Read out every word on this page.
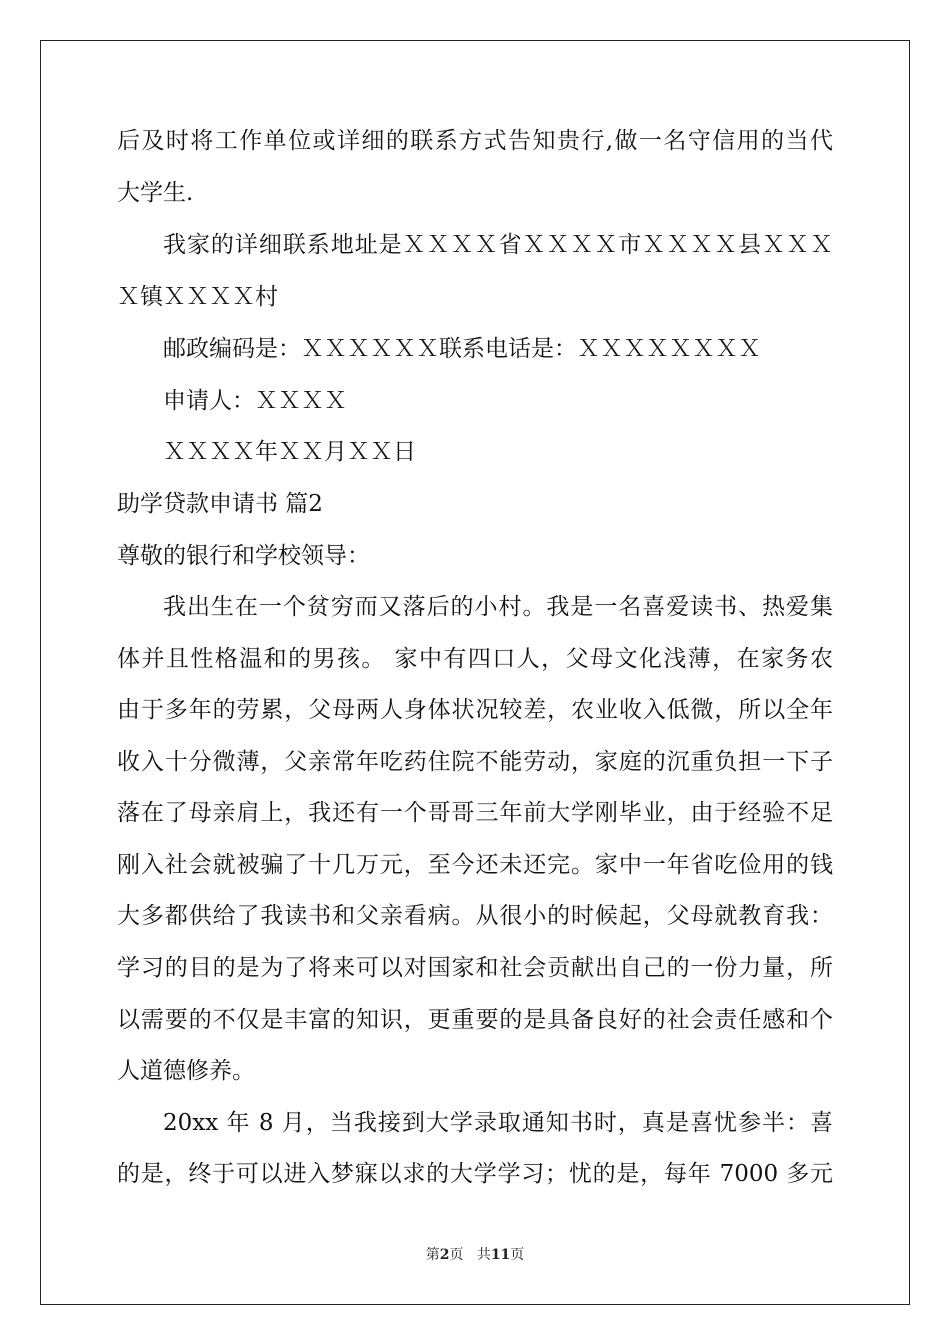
后及时将工作单位或详细的联系方式告知贵行,做一名守信用的当代
大学生.
我家的详细联系地址是ＸＸＸＸ省ＸＸＸＸ市ＸＸＸＸ县ＸＸＸ
Ｘ镇ＸＸＸＸ村
邮政编码是：ＸＸＸＸＸＸ联系电话是：ＸＸＸＸＸＸＸＸ
申请人：ＸＸＸＸ
ＸＸＸＸ年ＸＸ月ＸＸ日
助学贷款申请书 篇2
尊敬的银行和学校领导：
我出生在一个贫穷而又落后的小村。我是一名喜爱读书、热爱集
体并且性格温和的男孩。 家中有四口人，父母文化浅薄，在家务农
由于多年的劳累，父母两人身体状况较差，农业收入低微，所以全年
收入十分微薄，父亲常年吃药住院不能劳动，家庭的沉重负担一下子
落在了母亲肩上，我还有一个哥哥三年前大学刚毕业，由于经验不足
刚入社会就被骗了十几万元，至今还未还完。家中一年省吃俭用的钱
大多都供给了我读书和父亲看病。从很小的时候起，父母就教育我：
学习的目的是为了将来可以对国家和社会贡献出自己的一份力量，所
以需要的不仅是丰富的知识，更重要的是具备良好的社会责任感和个
人道德修养。
20xx 年 8 月，当我接到大学录取通知书时，真是喜忧参半：喜
的是，终于可以进入梦寐以求的大学学习；忧的是，每年 7000 多元
第2页 共11页
